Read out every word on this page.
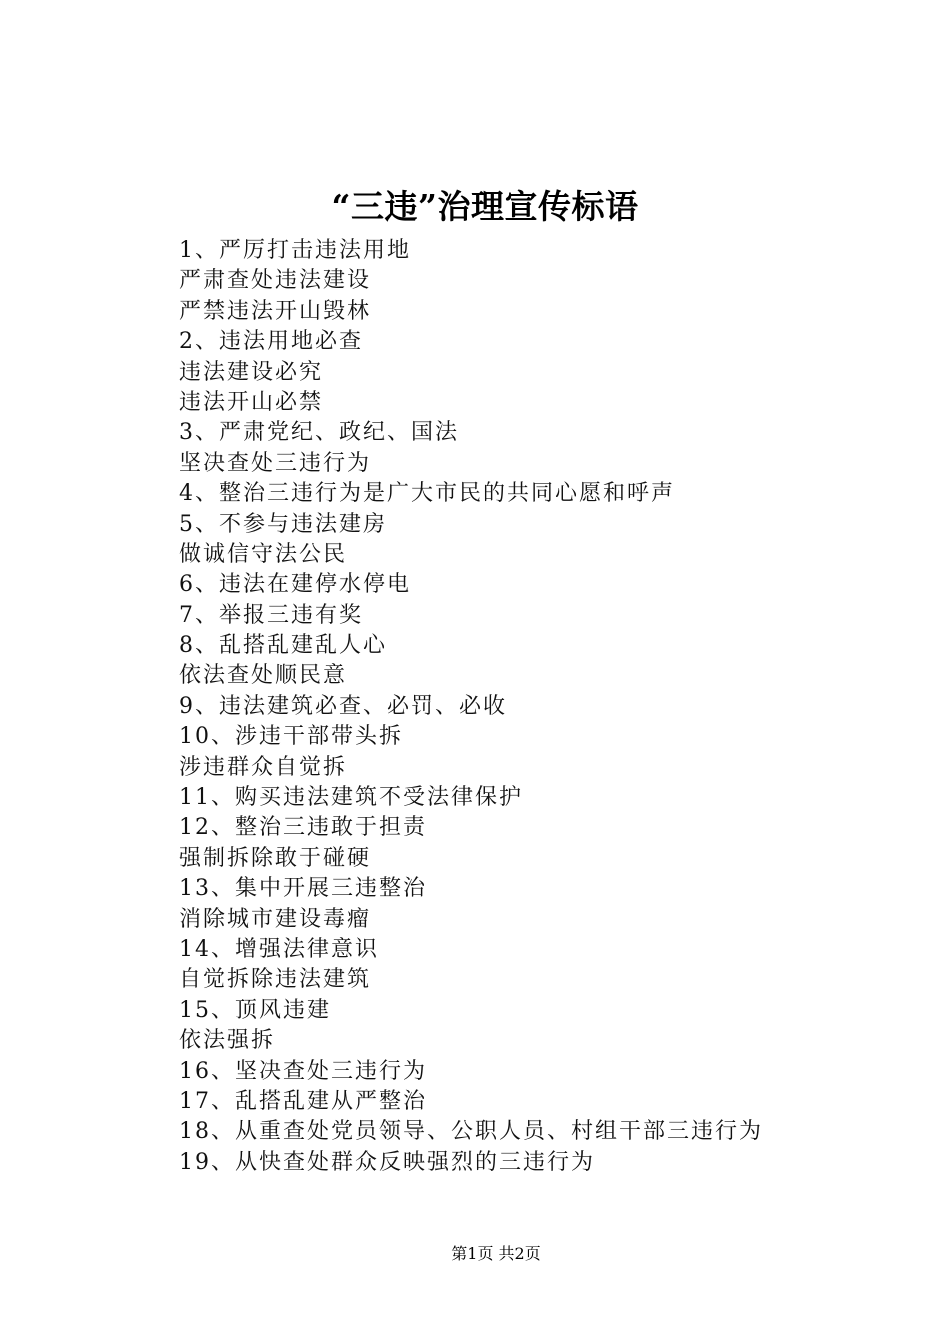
“三违”治理宣传标语
1、严厉打击违法用地
严肃查处违法建设
严禁违法开山毁林
2、违法用地必查
违法建设必究
违法开山必禁
3、严肃党纪、政纪、国法
坚决查处三违行为
4、整治三违行为是广大市民的共同心愿和呼声
5、不参与违法建房
做诚信守法公民
6、违法在建停水停电
7、举报三违有奖
8、乱搭乱建乱人心
依法查处顺民意
9、违法建筑必查、必罚、必收
10、涉违干部带头拆
涉违群众自觉拆
11、购买违法建筑不受法律保护
12、整治三违敢于担责
强制拆除敢于碰硬
13、集中开展三违整治
消除城市建设毒瘤
14、增强法律意识
自觉拆除违法建筑
15、顶风违建
依法强拆
16、坚决查处三违行为
17、乱搭乱建从严整治
18、从重查处党员领导、公职人员、村组干部三违行为
19、从快查处群众反映强烈的三违行为
第1页 共2页
